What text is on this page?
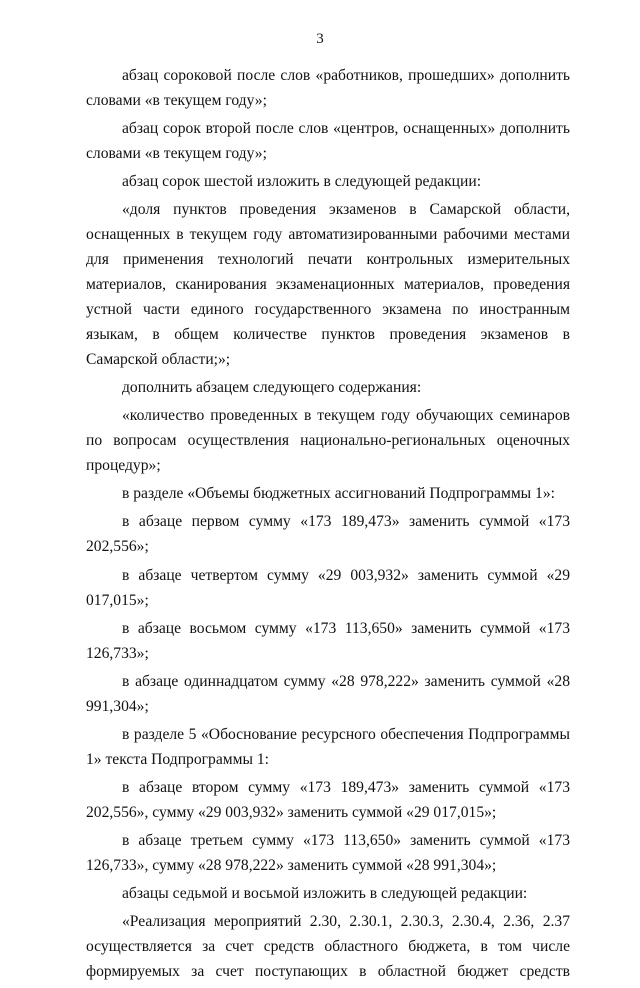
3

абзац сороковой после слов «работников, прошедших» дополнить словами «в текущем году»;

абзац сорок второй после слов «центров, оснащенных» дополнить словами «в текущем году»;

абзац сорок шестой изложить в следующей редакции:

«доля пунктов проведения экзаменов в Самарской области, оснащенных в текущем году автоматизированными рабочими местами для применения технологий печати контрольных измерительных материалов, сканирования экзаменационных материалов, проведения устной части единого государственного экзамена по иностранным языкам, в общем количестве пунктов проведения экзаменов в Самарской области;»;

дополнить абзацем следующего содержания:

«количество проведенных в текущем году обучающих семинаров по вопросам осуществления национально-региональных оценочных процедур»;

в разделе «Объемы бюджетных ассигнований Подпрограммы 1»:

в абзаце первом сумму «173 189,473» заменить суммой «173 202,556»;

в абзаце четвертом сумму «29 003,932» заменить суммой «29 017,015»;

в абзаце восьмом сумму «173 113,650» заменить суммой «173 126,733»;

в абзаце одиннадцатом сумму «28 978,222» заменить суммой «28 991,304»;

в разделе 5 «Обоснование ресурсного обеспечения Подпрограммы 1» текста Подпрограммы 1:

в абзаце втором сумму «173 189,473» заменить суммой «173 202,556», сумму «29 003,932» заменить суммой «29 017,015»;

в абзаце третьем сумму «173 113,650» заменить суммой «173 126,733», сумму «28 978,222» заменить суммой «28 991,304»;

абзацы седьмой и восьмой изложить в следующей редакции:

«Реализация мероприятий 2.30, 2.30.1, 2.30.3, 2.30.4, 2.36, 2.37 осуществляется за счет средств областного бюджета, в том числе формируемых за счет поступающих в областной бюджет средств
